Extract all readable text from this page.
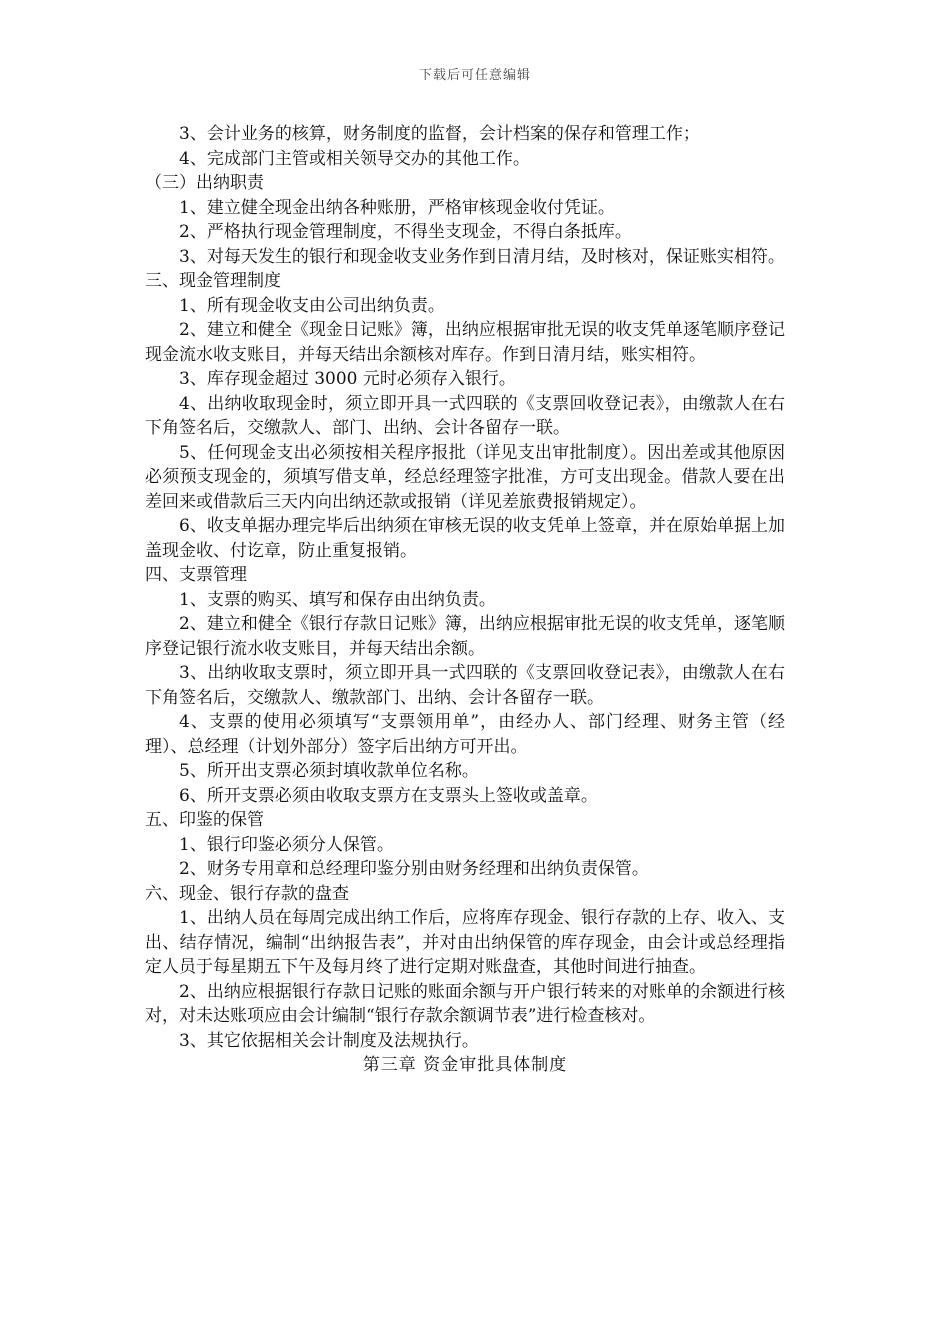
下载后可任意编辑

3、会计业务的核算，财务制度的监督，会计档案的保存和管理工作；

4、完成部门主管或相关领导交办的其他工作。

（三）出纳职责

1、建立健全现金出纳各种账册，严格审核现金收付凭证。

2、严格执行现金管理制度，不得坐支现金，不得白条抵库。

3、对每天发生的银行和现金收支业务作到日清月结，及时核对，保证账实相符。

三、现金管理制度

1、所有现金收支由公司出纳负责。

2、建立和健全《现金日记账》簿，出纳应根据审批无误的收支凭单逐笔顺序登记现金流水收支账目，并每天结出余额核对库存。作到日清月结，账实相符。

3、库存现金超过 3000 元时必须存入银行。

4、出纳收取现金时，须立即开具一式四联的《支票回收登记表》，由缴款人在右下角签名后，交缴款人、部门、出纳、会计各留存一联。

5、任何现金支出必须按相关程序报批（详见支出审批制度）。因出差或其他原因必须预支现金的，须填写借支单，经总经理签字批准，方可支出现金。借款人要在出差回来或借款后三天内向出纳还款或报销（详见差旅费报销规定）。

6、收支单据办理完毕后出纳须在审核无误的收支凭单上签章，并在原始单据上加盖现金收、付讫章，防止重复报销。

四、支票管理

1、支票的购买、填写和保存由出纳负责。

2、建立和健全《银行存款日记账》簿，出纳应根据审批无误的收支凭单，逐笔顺序登记银行流水收支账目，并每天结出余额。

3、出纳收取支票时，须立即开具一式四联的《支票回收登记表》，由缴款人在右下角签名后，交缴款人、缴款部门、出纳、会计各留存一联。

4、支票的使用必须填写“支票领用单”，由经办人、部门经理、财务主管（经理）、总经理（计划外部分）签字后出纳方可开出。

5、所开出支票必须封填收款单位名称。

6、所开支票必须由收取支票方在支票头上签收或盖章。

五、印鉴的保管

1、银行印鉴必须分人保管。

2、财务专用章和总经理印鉴分别由财务经理和出纳负责保管。

六、现金、银行存款的盘查

1、出纳人员在每周完成出纳工作后，应将库存现金、银行存款的上存、收入、支出、结存情况，编制“出纳报告表”，并对由出纳保管的库存现金，由会计或总经理指定人员于每星期五下午及每月终了进行定期对账盘查，其他时间进行抽查。

2、出纳应根据银行存款日记账的账面余额与开户银行转来的对账单的余额进行核对，对未达账项应由会计编制“银行存款余额调节表”进行检查核对。

3、其它依据相关会计制度及法规执行。

第三章 资金审批具体制度
